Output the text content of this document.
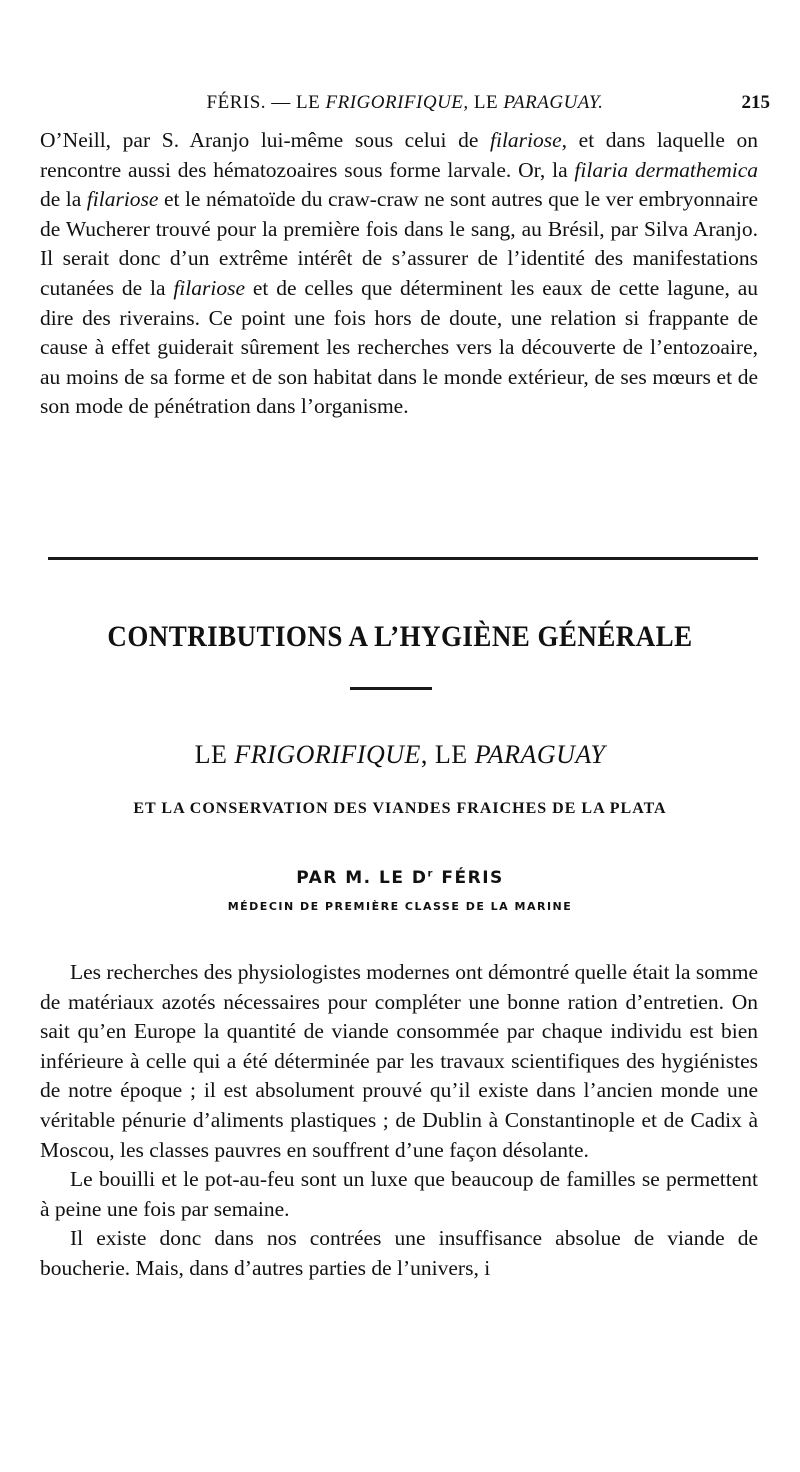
FÉRIS. — LE FRIGORIFIQUE, LE PARAGUAY.	215

O’Neill, par S. Aranjo lui-même sous celui de filariose, et dans laquelle on rencontre aussi des hématozoaires sous forme larvale. Or, la filaria dermathemica de la filariose et le nématoïde du craw-craw ne sont autres que le ver embryonnaire de Wucherer trouvé pour la première fois dans le sang, au Brésil, par Silva Aranjo. Il serait donc d’un extrême intérêt de s’assurer de l’identité des manifestations cutanées de la filariose et de celles que déterminent les eaux de cette lagune, au dire des riverains. Ce point une fois hors de doute, une relation si frappante de cause à effet guiderait sûrement les recherches vers la découverte de l’entozoaire, au moins de sa forme et de son habitat dans le monde extérieur, de ses mœurs et de son mode de pénétration dans l’organisme.

CONTRIBUTIONS A L’HYGIÈNE GÉNÉRALE
LE FRIGORIFIQUE, LE PARAGUAY
ET LA CONSERVATION DES VIANDES FRAICHES DE LA PLATA
PAR M. LE $D^r$ FÉRIS
MÉDECIN DE PREMIÈRE CLASSE DE LA MARINE

Les recherches des physiologistes modernes ont démontré quelle était la somme de matériaux azotés nécessaires pour compléter une bonne ration d’entretien. On sait qu’en Europe la quantité de viande consommée par chaque individu est bien inférieure à celle qui a été déterminée par les travaux scientifiques des hygiénistes de notre époque ; il est absolument prouvé qu’il existe dans l’ancien monde une véritable pénurie d’aliments plastiques ; de Dublin à Constantinople et de Cadix à Moscou, les classes pauvres en souffrent d’une façon désolante.

Le bouilli et le pot-au-feu sont un luxe que beaucoup de familles se permettent à peine une fois par semaine.

Il existe donc dans nos contrées une insuffisance absolue de viande de boucherie. Mais, dans d’autres parties de l’univers, i
